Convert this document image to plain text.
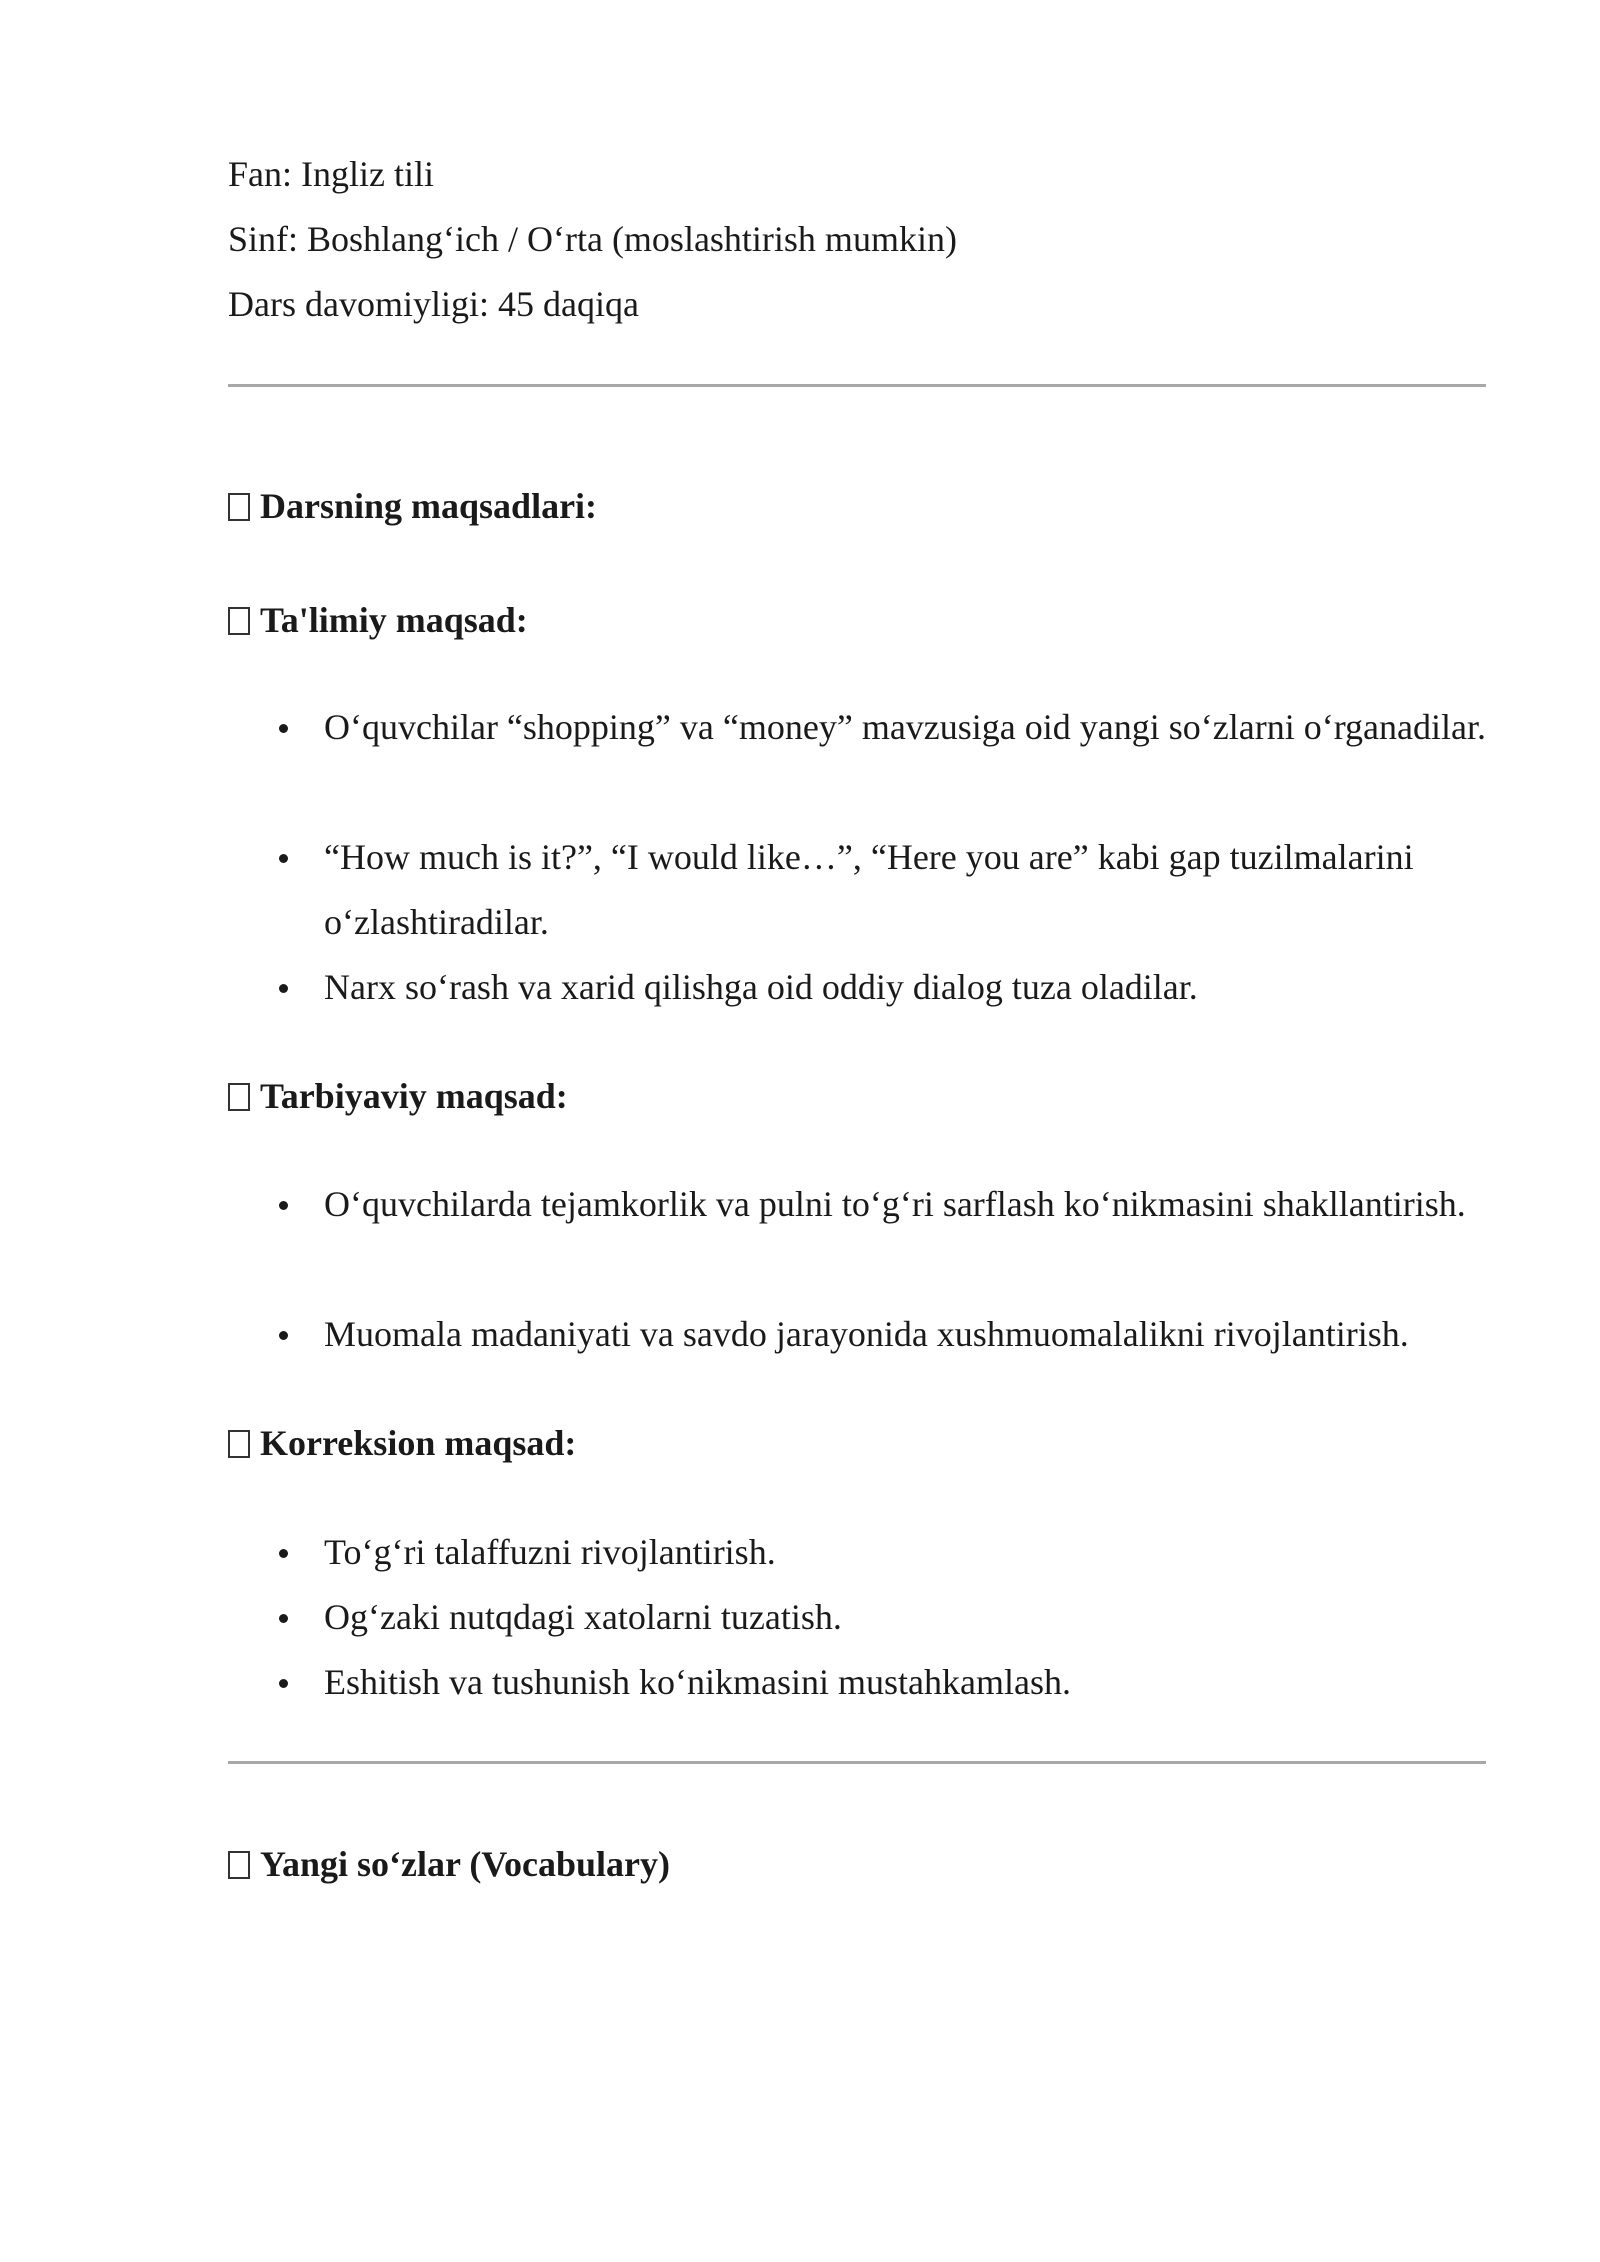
Fan: Ingliz tili
Sinf: Boshlang‘ich / O‘rta (moslashtirish mumkin)
Dars davomiyligi: 45 daqiqa
Darsning maqsadlari:
Ta'limiy maqsad:
O‘quvchilar “shopping” va “money” mavzusiga oid yangi so‘zlarni o‘rganadilar.
“How much is it?”, “I would like…”, “Here you are” kabi gap tuzilmalarini o‘zlashtiradilar.
Narx so‘rash va xarid qilishga oid oddiy dialog tuza oladilar.
Tarbiyaviy maqsad:
O‘quvchilarda tejamkorlik va pulni to‘g‘ri sarflash ko‘nikmasini shakllantirish.
Muomala madaniyati va savdo jarayonida xushmuomalalikni rivojlantirish.
Korreksion maqsad:
To‘g‘ri talaffuzni rivojlantirish.
Og‘zaki nutqdagi xatolarni tuzatish.
Eshitish va tushunish ko‘nikmasini mustahkamlash.
Yangi so‘zlar (Vocabulary)
